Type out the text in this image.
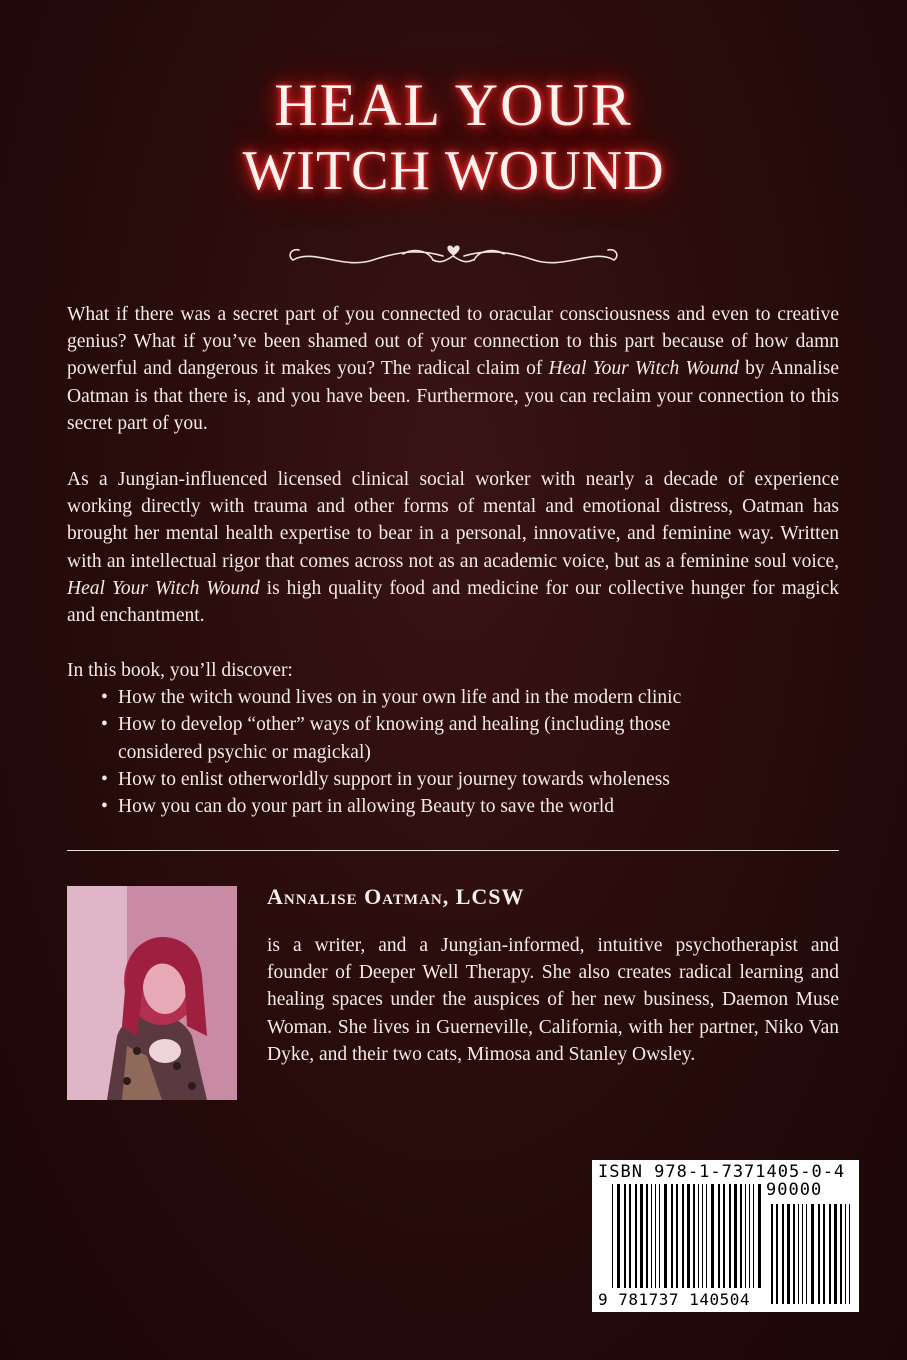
HEAL YOUR
WITCH WOUND

What if there was a secret part of you connected to oracular consciousness and even to creative genius? What if you’ve been shamed out of your connection to this part because of how damn powerful and dangerous it makes you? The radical claim of Heal Your Witch Wound by Annalise Oatman is that there is, and you have been. Furthermore, you can reclaim your connection to this secret part of you.

As a Jungian-influenced licensed clinical social worker with nearly a decade of experience working directly with trauma and other forms of mental and emotional distress, Oatman has brought her mental health expertise to bear in a personal, innovative, and feminine way. Written with an intellectual rigor that comes across not as an academic voice, but as a feminine soul voice, Heal Your Witch Wound is high quality food and medicine for our collective hunger for magick and enchantment.

In this book, you’ll discover:

• How the witch wound lives on in your own life and in the modern clinic
• How to develop “other” ways of knowing and healing (including those considered psychic or magickal)
• How to enlist otherworldly support in your journey towards wholeness
• How you can do your part in allowing Beauty to save the world
Annalise Oatman, LCSW
is a writer, and a Jungian-informed, intuitive psychotherapist and founder of Deeper Well Therapy. She also creates radical learning and healing spaces under the auspices of her new business, Daemon Muse Woman. She lives in Guerneville, California, with her partner, Niko Van Dyke, and their two cats, Mimosa and Stanley Owsley.
ISBN 978-1-7371405-0-4
90000
9 781737 140504
